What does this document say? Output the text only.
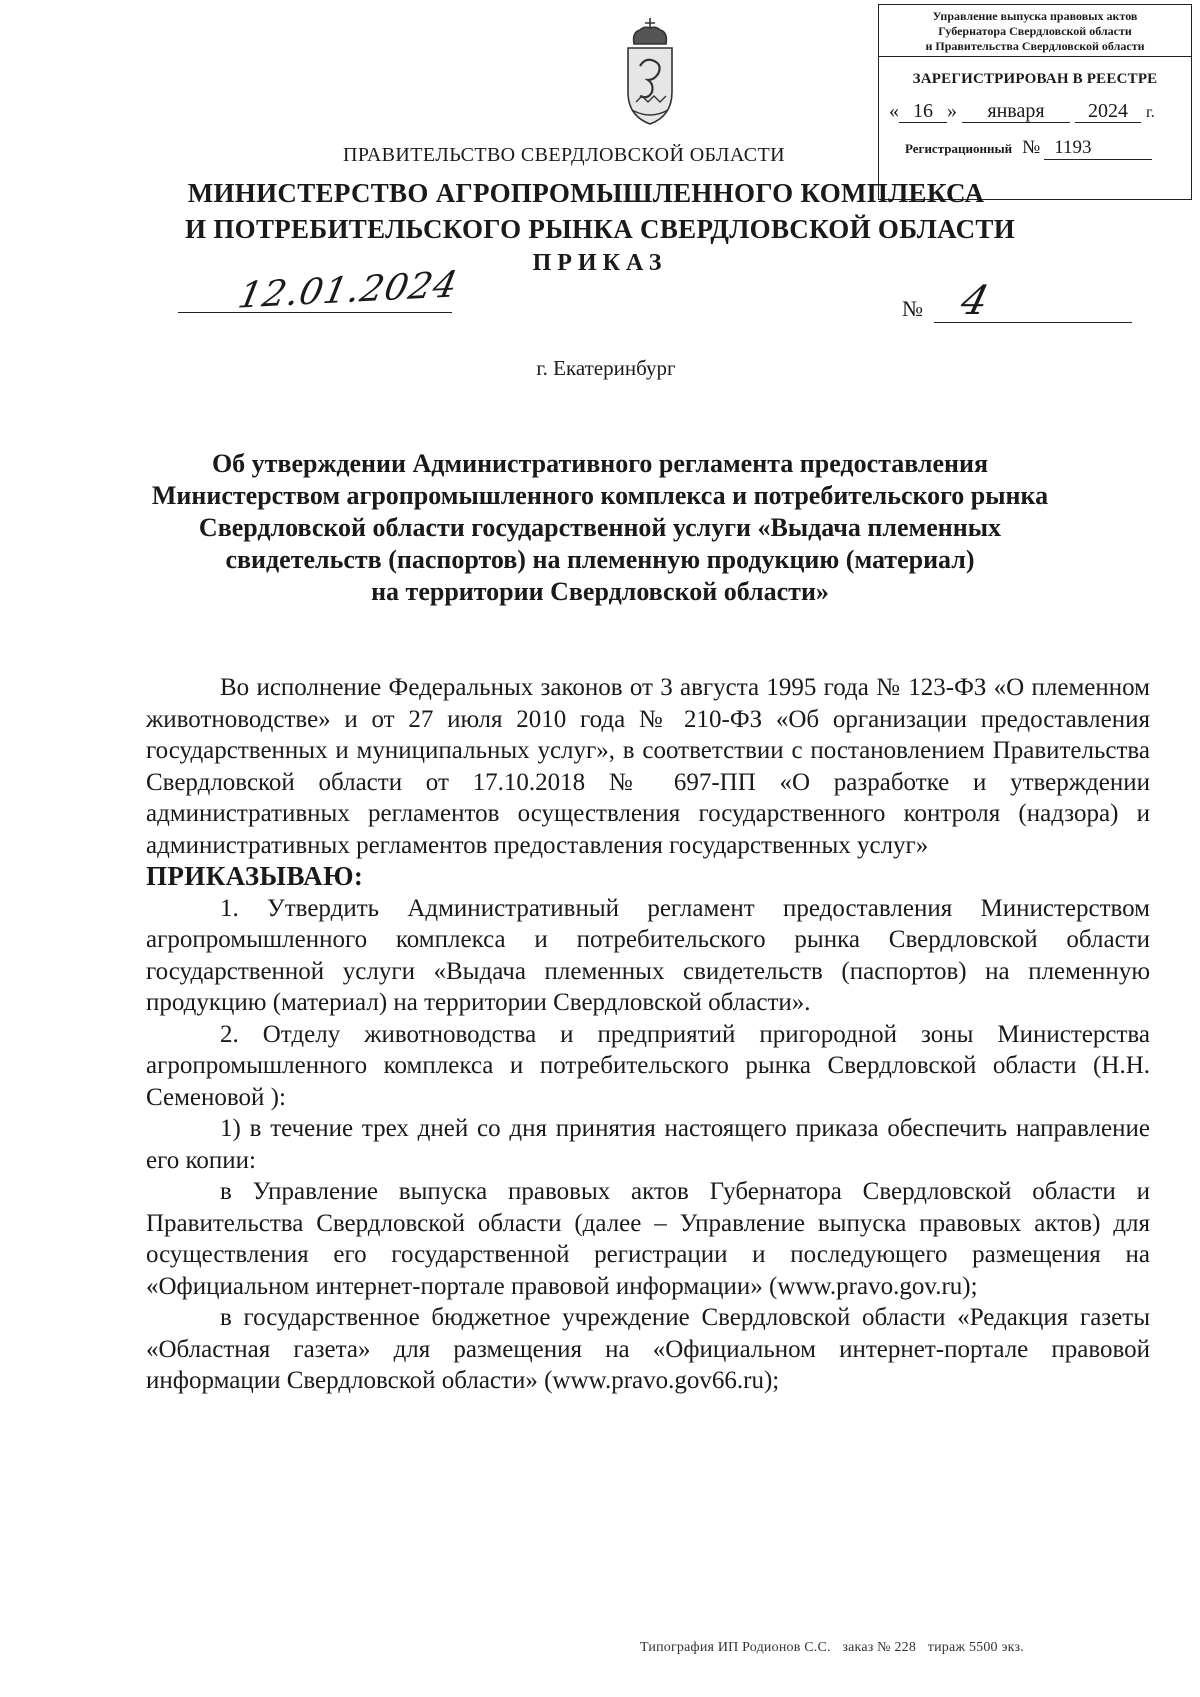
Управление выпуска правовых актов
Губернатора Свердловской области
и Правительства Свердловской области
ЗАРЕГИСТРИРОВАН В РЕЕСТРЕ
« 16 » января 2024 г.
Регистрационный № 1193
ПРАВИТЕЛЬСТВО СВЕРДЛОВСКОЙ ОБЛАСТИ
МИНИСТЕРСТВО АГРОПРОМЫШЛЕННОГО КОМПЛЕКСА
И ПОТРЕБИТЕЛЬСКОГО РЫНКА СВЕРДЛОВСКОЙ ОБЛАСТИ
ПРИКАЗ
12.01.2024	№ 4
г. Екатеринбург
Об утверждении Административного регламента предоставления
Министерством агропромышленного комплекса и потребительского рынка
Свердловской области государственной услуги «Выдача племенных
свидетельств (паспортов) на племенную продукцию (материал)
на территории Свердловской области»

Во исполнение Федеральных законов от 3 августа 1995 года № 123-ФЗ «О племенном животноводстве» и от 27 июля 2010 года № 210-ФЗ «Об организации предоставления государственных и муниципальных услуг», в соответствии с постановлением Правительства Свердловской области от 17.10.2018 № 697-ПП «О разработке и утверждении административных регламентов осуществления государственного контроля (надзора) и административных регламентов предоставления государственных услуг»

ПРИКАЗЫВАЮ:

1. Утвердить Административный регламент предоставления Министерством агропромышленного комплекса и потребительского рынка Свердловской области государственной услуги «Выдача племенных свидетельств (паспортов) на племенную продукцию (материал) на территории Свердловской области».

2. Отделу животноводства и предприятий пригородной зоны Министерства агропромышленного комплекса и потребительского рынка Свердловской области (Н.Н. Семеновой ):

1) в течение трех дней со дня принятия настоящего приказа обеспечить направление его копии:

в Управление выпуска правовых актов Губернатора Свердловской области и Правительства Свердловской области (далее – Управление выпуска правовых актов) для осуществления его государственной регистрации и последующего размещения на «Официальном интернет-портале правовой информации» (www.pravo.gov.ru);

в государственное бюджетное учреждение Свердловской области «Редакция газеты «Областная газета» для размещения на «Официальном интернет-портале правовой информации Свердловской области» (www.pravo.gov66.ru);

Типография ИП Родионов С.С. заказ № 228 тираж 5500 экз.
